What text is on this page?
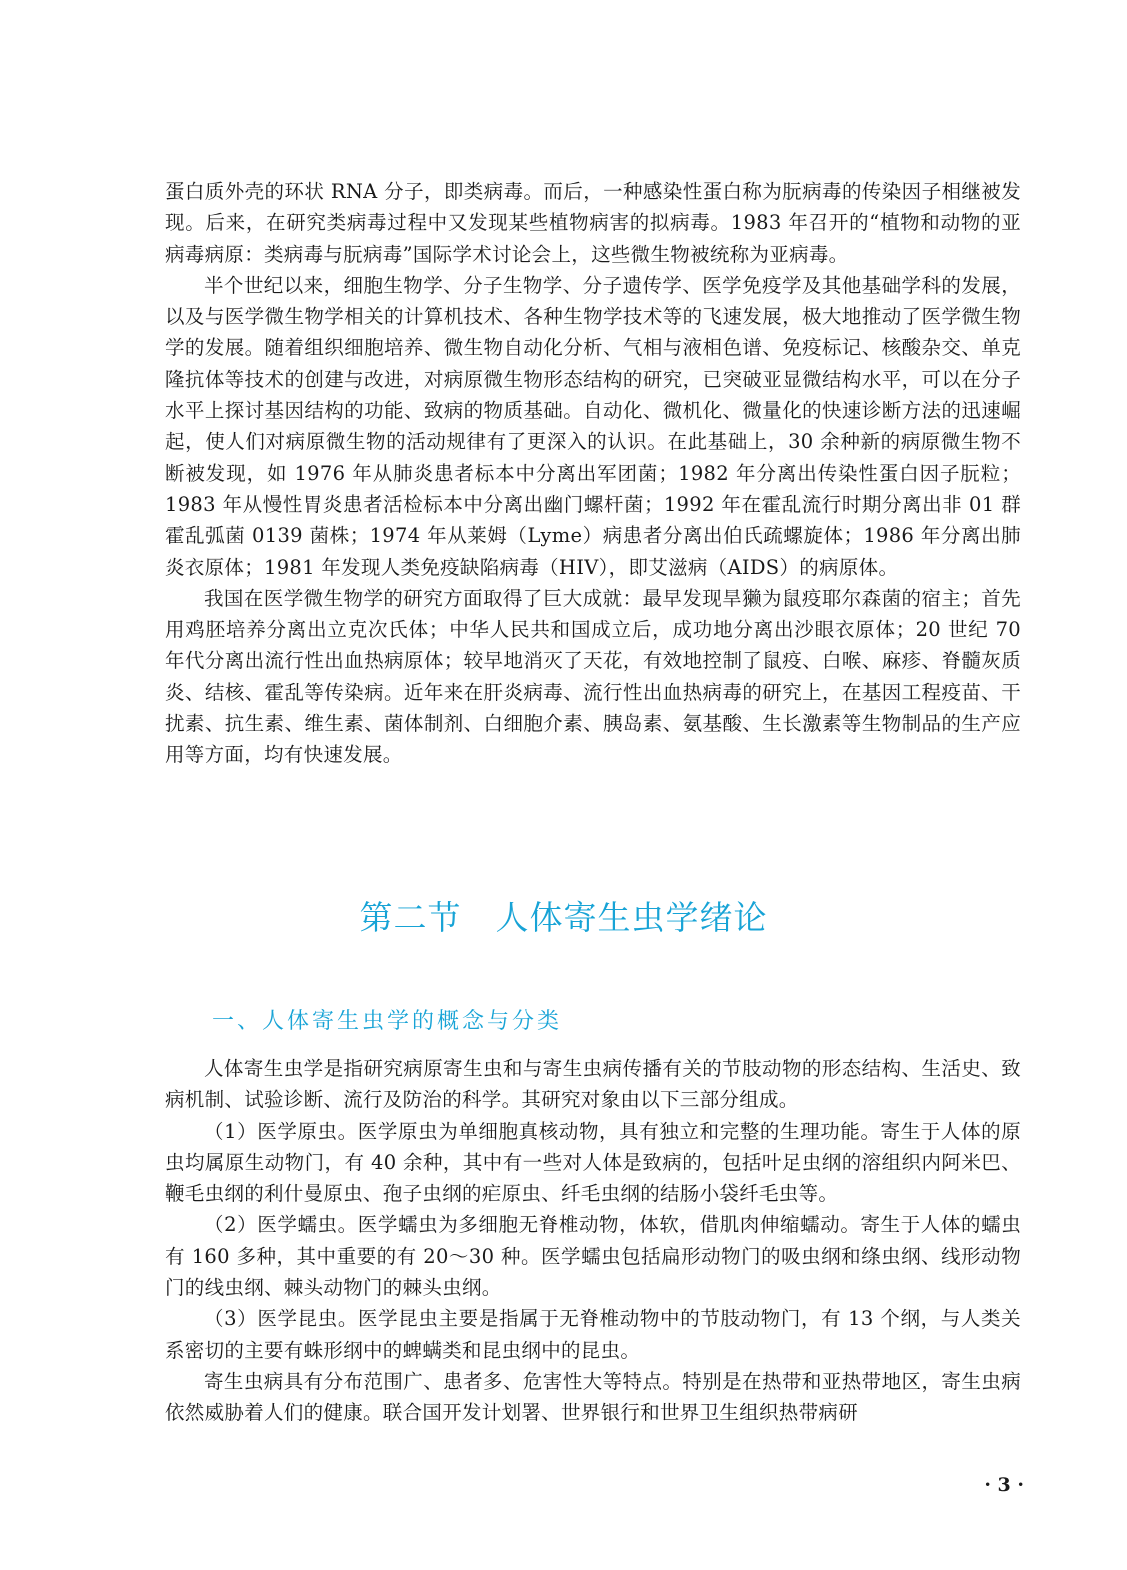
蛋白质外壳的环状 RNA 分子，即类病毒。而后，一种感染性蛋白称为朊病毒的传染因子相继被发现。后来，在研究类病毒过程中又发现某些植物病害的拟病毒。1983 年召开的“植物和动物的亚病毒病原：类病毒与朊病毒”国际学术讨论会上，这些微生物被统称为亚病毒。

半个世纪以来，细胞生物学、分子生物学、分子遗传学、医学免疫学及其他基础学科的发展，以及与医学微生物学相关的计算机技术、各种生物学技术等的飞速发展，极大地推动了医学微生物学的发展。随着组织细胞培养、微生物自动化分析、气相与液相色谱、免疫标记、核酸杂交、单克隆抗体等技术的创建与改进，对病原微生物形态结构的研究，已突破亚显微结构水平，可以在分子水平上探讨基因结构的功能、致病的物质基础。自动化、微机化、微量化的快速诊断方法的迅速崛起，使人们对病原微生物的活动规律有了更深入的认识。在此基础上，30 余种新的病原微生物不断被发现，如 1976 年从肺炎患者标本中分离出军团菌；1982 年分离出传染性蛋白因子朊粒；1983 年从慢性胃炎患者活检标本中分离出幽门螺杆菌；1992 年在霍乱流行时期分离出非 01 群霍乱弧菌 0139 菌株；1974 年从莱姆（Lyme）病患者分离出伯氏疏螺旋体；1986 年分离出肺炎衣原体；1981 年发现人类免疫缺陷病毒（HIV），即艾滋病（AIDS）的病原体。

我国在医学微生物学的研究方面取得了巨大成就：最早发现旱獭为鼠疫耶尔森菌的宿主；首先用鸡胚培养分离出立克次氏体；中华人民共和国成立后，成功地分离出沙眼衣原体；20 世纪 70 年代分离出流行性出血热病原体；较早地消灭了天花，有效地控制了鼠疫、白喉、麻疹、脊髓灰质炎、结核、霍乱等传染病。近年来在肝炎病毒、流行性出血热病毒的研究上，在基因工程疫苗、干扰素、抗生素、维生素、菌体制剂、白细胞介素、胰岛素、氨基酸、生长激素等生物制品的生产应用等方面，均有快速发展。

第二节　人体寄生虫学绪论
一、人体寄生虫学的概念与分类

人体寄生虫学是指研究病原寄生虫和与寄生虫病传播有关的节肢动物的形态结构、生活史、致病机制、试验诊断、流行及防治的科学。其研究对象由以下三部分组成。

（1）医学原虫。医学原虫为单细胞真核动物，具有独立和完整的生理功能。寄生于人体的原虫均属原生动物门，有 40 余种，其中有一些对人体是致病的，包括叶足虫纲的溶组织内阿米巴、鞭毛虫纲的利什曼原虫、孢子虫纲的疟原虫、纤毛虫纲的结肠小袋纤毛虫等。

（2）医学蠕虫。医学蠕虫为多细胞无脊椎动物，体软，借肌肉伸缩蠕动。寄生于人体的蠕虫有 160 多种，其中重要的有 20～30 种。医学蠕虫包括扁形动物门的吸虫纲和绦虫纲、线形动物门的线虫纲、棘头动物门的棘头虫纲。

（3）医学昆虫。医学昆虫主要是指属于无脊椎动物中的节肢动物门，有 13 个纲，与人类关系密切的主要有蛛形纲中的蜱螨类和昆虫纲中的昆虫。

寄生虫病具有分布范围广、患者多、危害性大等特点。特别是在热带和亚热带地区，寄生虫病依然威胁着人们的健康。联合国开发计划署、世界银行和世界卫生组织热带病研

· 3 ·
